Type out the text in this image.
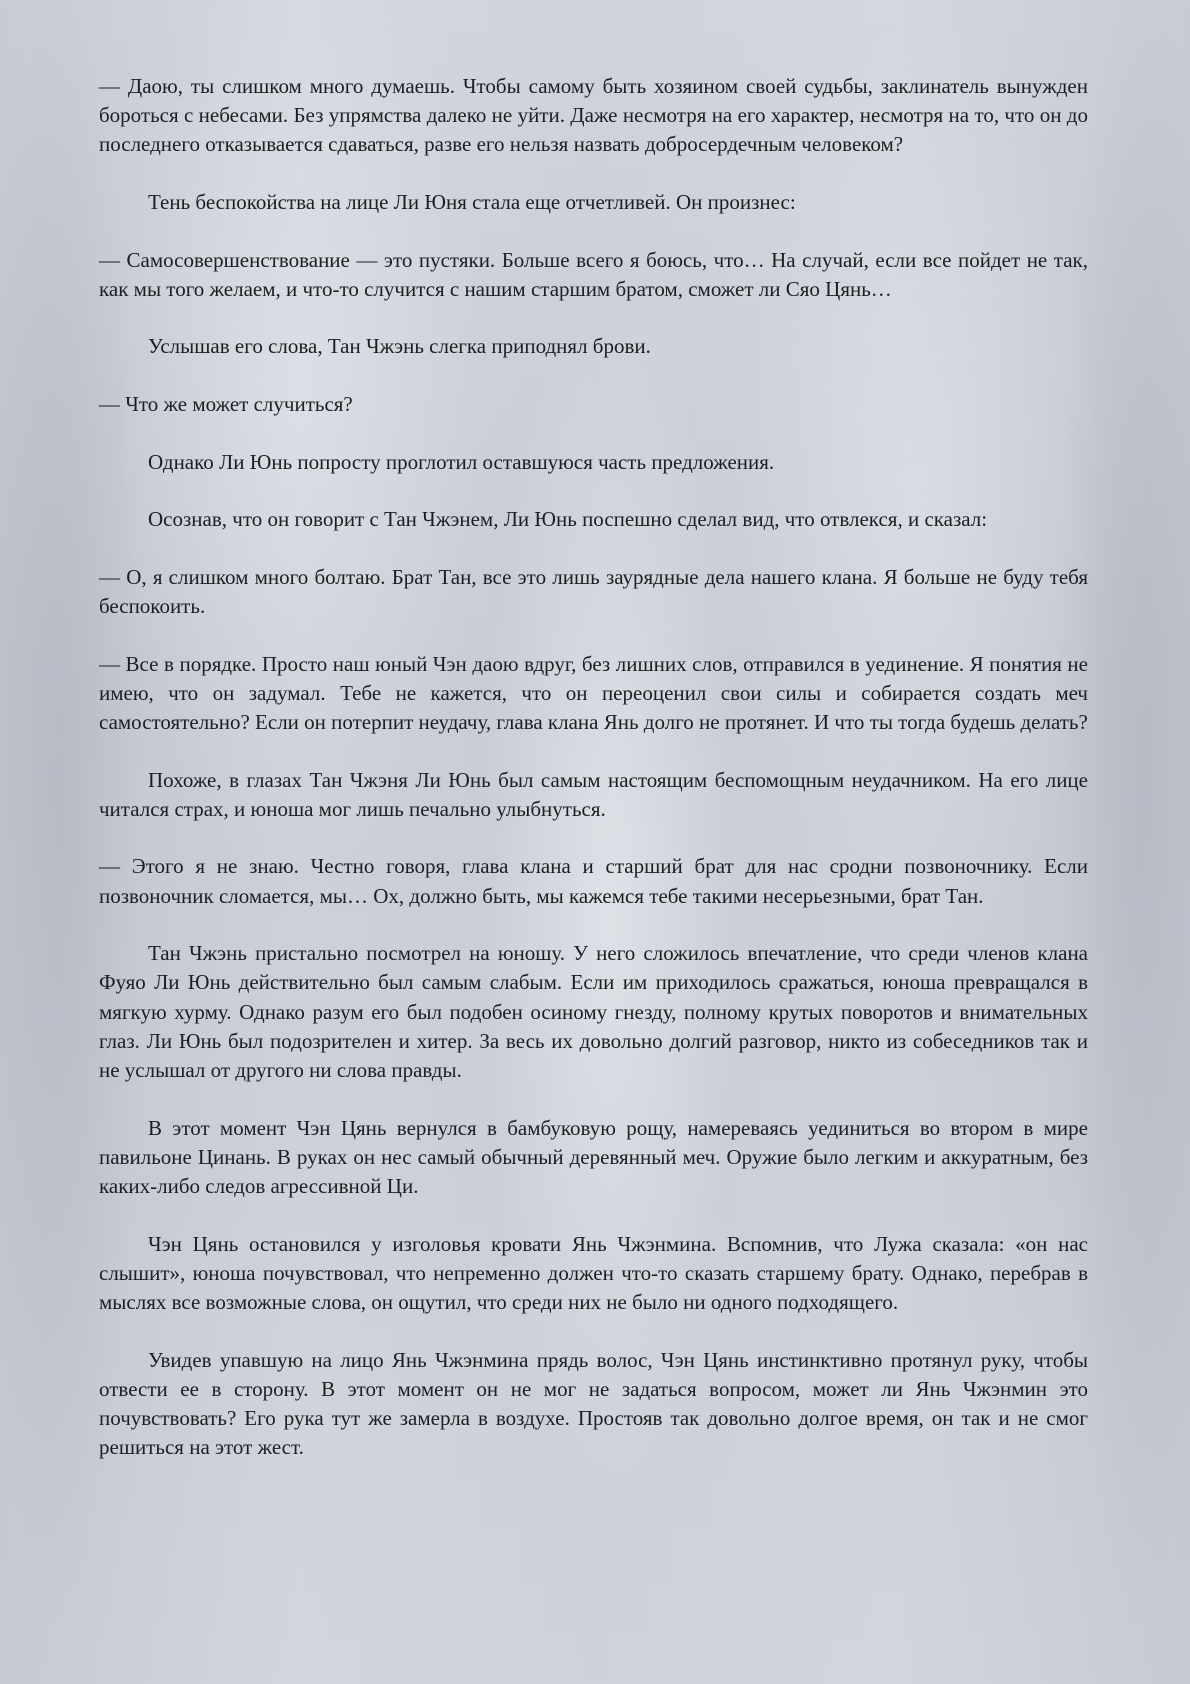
— Даою, ты слишком много думаешь. Чтобы самому быть хозяином своей судьбы, заклинатель вынужден бороться с небесами. Без упрямства далеко не уйти. Даже несмотря на его характер, несмотря на то, что он до последнего отказывается сдаваться, разве его нельзя назвать добросердечным человеком?

Тень беспокойства на лице Ли Юня стала еще отчетливей. Он произнес:

— Самосовершенствование — это пустяки. Больше всего я боюсь, что… На случай, если все пойдет не так, как мы того желаем, и что-то случится с нашим старшим братом, сможет ли Сяо Цянь…

Услышав его слова, Тан Чжэнь слегка приподнял брови.

— Что же может случиться?

Однако Ли Юнь попросту проглотил оставшуюся часть предложения.

Осознав, что он говорит с Тан Чжэнем, Ли Юнь поспешно сделал вид, что отвлекся, и сказал:

— О, я слишком много болтаю. Брат Тан, все это лишь заурядные дела нашего клана. Я больше не буду тебя беспокоить.

— Все в порядке. Просто наш юный Чэн даою вдруг, без лишних слов, отправился в уединение. Я понятия не имею, что он задумал. Тебе не кажется, что он переоценил свои силы и собирается создать меч самостоятельно? Если он потерпит неудачу, глава клана Янь долго не протянет. И что ты тогда будешь делать?

Похоже, в глазах Тан Чжэня Ли Юнь был самым настоящим беспомощным неудачником. На его лице читался страх, и юноша мог лишь печально улыбнуться.

— Этого я не знаю. Честно говоря, глава клана и старший брат для нас сродни позвоночнику. Если позвоночник сломается, мы… Ох, должно быть, мы кажемся тебе такими несерьезными, брат Тан.

Тан Чжэнь пристально посмотрел на юношу. У него сложилось впечатление, что среди членов клана Фуяо Ли Юнь действительно был самым слабым. Если им приходилось сражаться, юноша превращался в мягкую хурму. Однако разум его был подобен осиному гнезду, полному крутых поворотов и внимательных глаз. Ли Юнь был подозрителен и хитер. За весь их довольно долгий разговор, никто из собеседников так и не услышал от другого ни слова правды.

В этот момент Чэн Цянь вернулся в бамбуковую рощу, намереваясь уединиться во втором в мире павильоне Цинань. В руках он нес самый обычный деревянный меч. Оружие было легким и аккуратным, без каких-либо следов агрессивной Ци.

Чэн Цянь остановился у изголовья кровати Янь Чжэнмина. Вспомнив, что Лужа сказала: «он нас слышит», юноша почувствовал, что непременно должен что-то сказать старшему брату. Однако, перебрав в мыслях все возможные слова, он ощутил, что среди них не было ни одного подходящего.

Увидев упавшую на лицо Янь Чжэнмина прядь волос, Чэн Цянь инстинктивно протянул руку, чтобы отвести ее в сторону. В этот момент он не мог не задаться вопросом, может ли Янь Чжэнмин это почувствовать? Его рука тут же замерла в воздухе. Простояв так довольно долгое время, он так и не смог решиться на этот жест.
